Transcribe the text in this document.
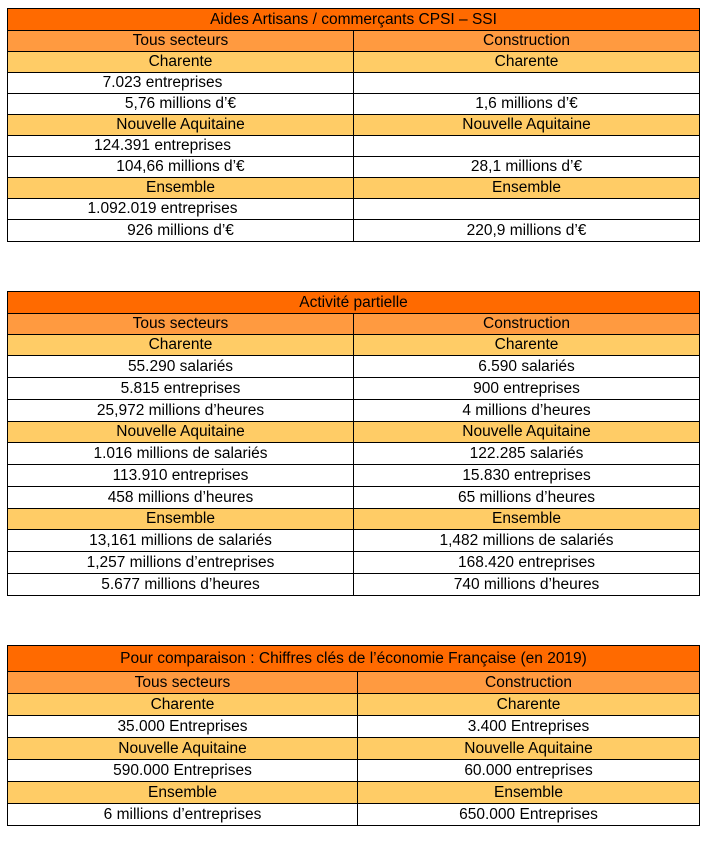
Aides Artisans / commerçants CPSI – SSI	
Tous secteurs	Construction
Charente	Charente
7.023 entreprises	
5,76 millions d’€	1,6 millions d’€
Nouvelle Aquitaine	Nouvelle Aquitaine
124.391 entreprises	
104,66 millions d’€	28,1 millions d’€
Ensemble	Ensemble
1.092.019 entreprises	
926 millions d’€	220,9 millions d’€
Activité partielle	
Tous secteurs	Construction
Charente	Charente
55.290 salariés	6.590 salariés
5.815 entreprises	900 entreprises
25,972 millions d’heures	4 millions d’heures
Nouvelle Aquitaine	Nouvelle Aquitaine
1.016 millions de salariés	122.285 salariés
113.910 entreprises	15.830 entreprises
458 millions d’heures	65 millions d’heures
Ensemble	Ensemble
13,161 millions de salariés	1,482 millions de salariés
1,257 millions d’entreprises	168.420 entreprises
5.677 millions d’heures	740 millions d’heures
Pour comparaison : Chiffres clés de l’économie Française (en 2019)	
Tous secteurs	Construction
Charente	Charente
35.000 Entreprises	3.400 Entreprises
Nouvelle Aquitaine	Nouvelle Aquitaine
590.000 Entreprises	60.000 entreprises
Ensemble	Ensemble
6 millions d’entreprises	650.000 Entreprises
